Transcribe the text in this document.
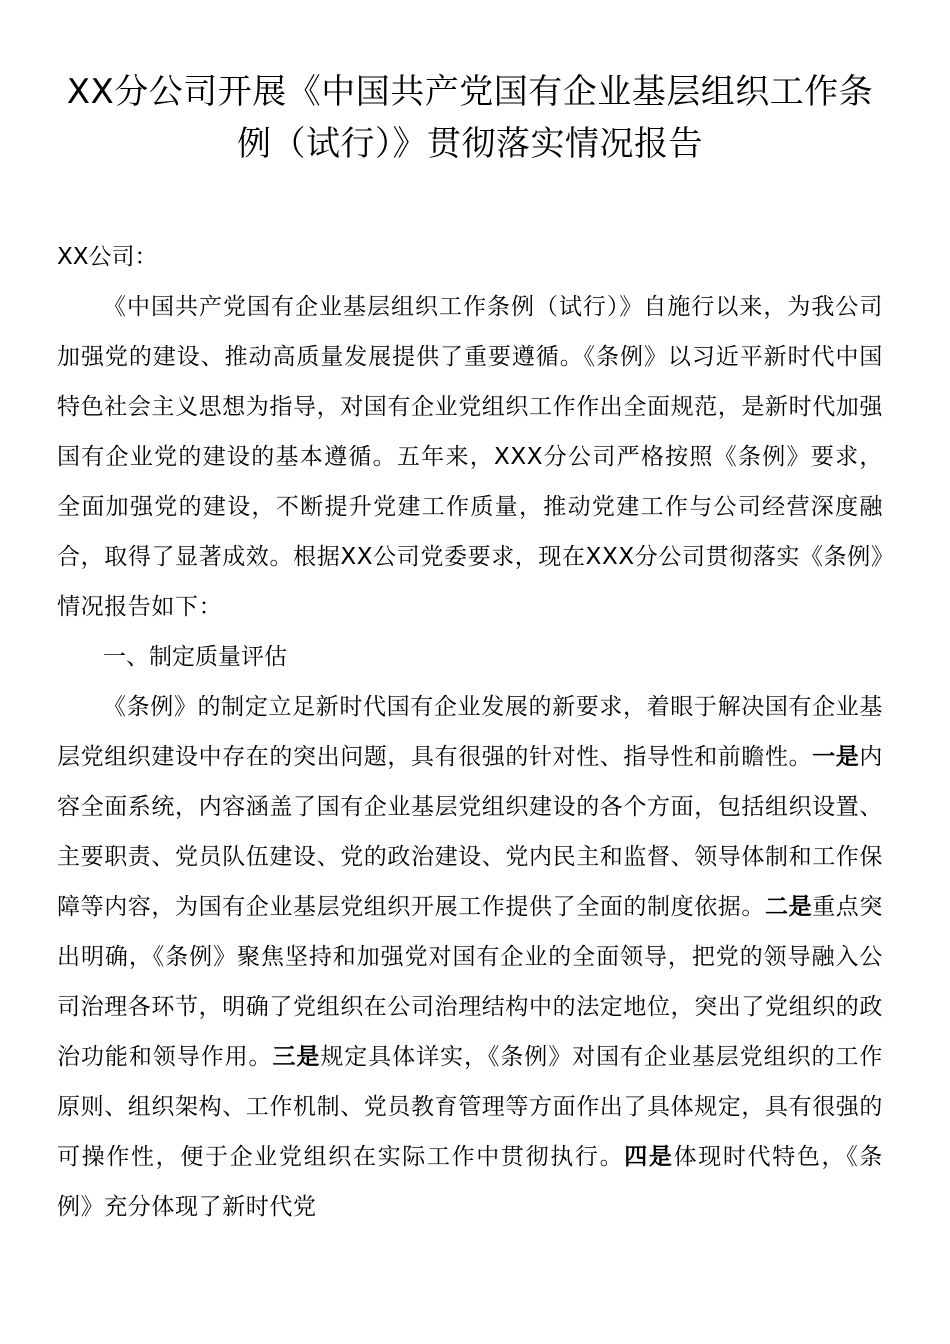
XX分公司开展《中国共产党国有企业基层组织工作条例（试行）》贯彻落实情况报告

XX公司：

《中国共产党国有企业基层组织工作条例（试行）》自施行以来，为我公司加强党的建设、推动高质量发展提供了重要遵循。《条例》以习近平新时代中国特色社会主义思想为指导，对国有企业党组织工作作出全面规范，是新时代加强国有企业党的建设的基本遵循。五年来，XXX分公司严格按照《条例》要求，全面加强党的建设，不断提升党建工作质量，推动党建工作与公司经营深度融合，取得了显著成效。根据XX公司党委要求，现在XXX分公司贯彻落实《条例》情况报告如下：

一、制定质量评估

《条例》的制定立足新时代国有企业发展的新要求，着眼于解决国有企业基层党组织建设中存在的突出问题，具有很强的针对性、指导性和前瞻性。一是内容全面系统，内容涵盖了国有企业基层党组织建设的各个方面，包括组织设置、主要职责、党员队伍建设、党的政治建设、党内民主和监督、领导体制和工作保障等内容，为国有企业基层党组织开展工作提供了全面的制度依据。二是重点突出明确，《条例》聚焦坚持和加强党对国有企业的全面领导，把党的领导融入公司治理各环节，明确了党组织在公司治理结构中的法定地位，突出了党组织的政治功能和领导作用。三是规定具体详实，《条例》对国有企业基层党组织的工作原则、组织架构、工作机制、党员教育管理等方面作出了具体规定，具有很强的可操作性，便于企业党组织在实际工作中贯彻执行。四是体现时代特色，《条例》充分体现了新时代党
